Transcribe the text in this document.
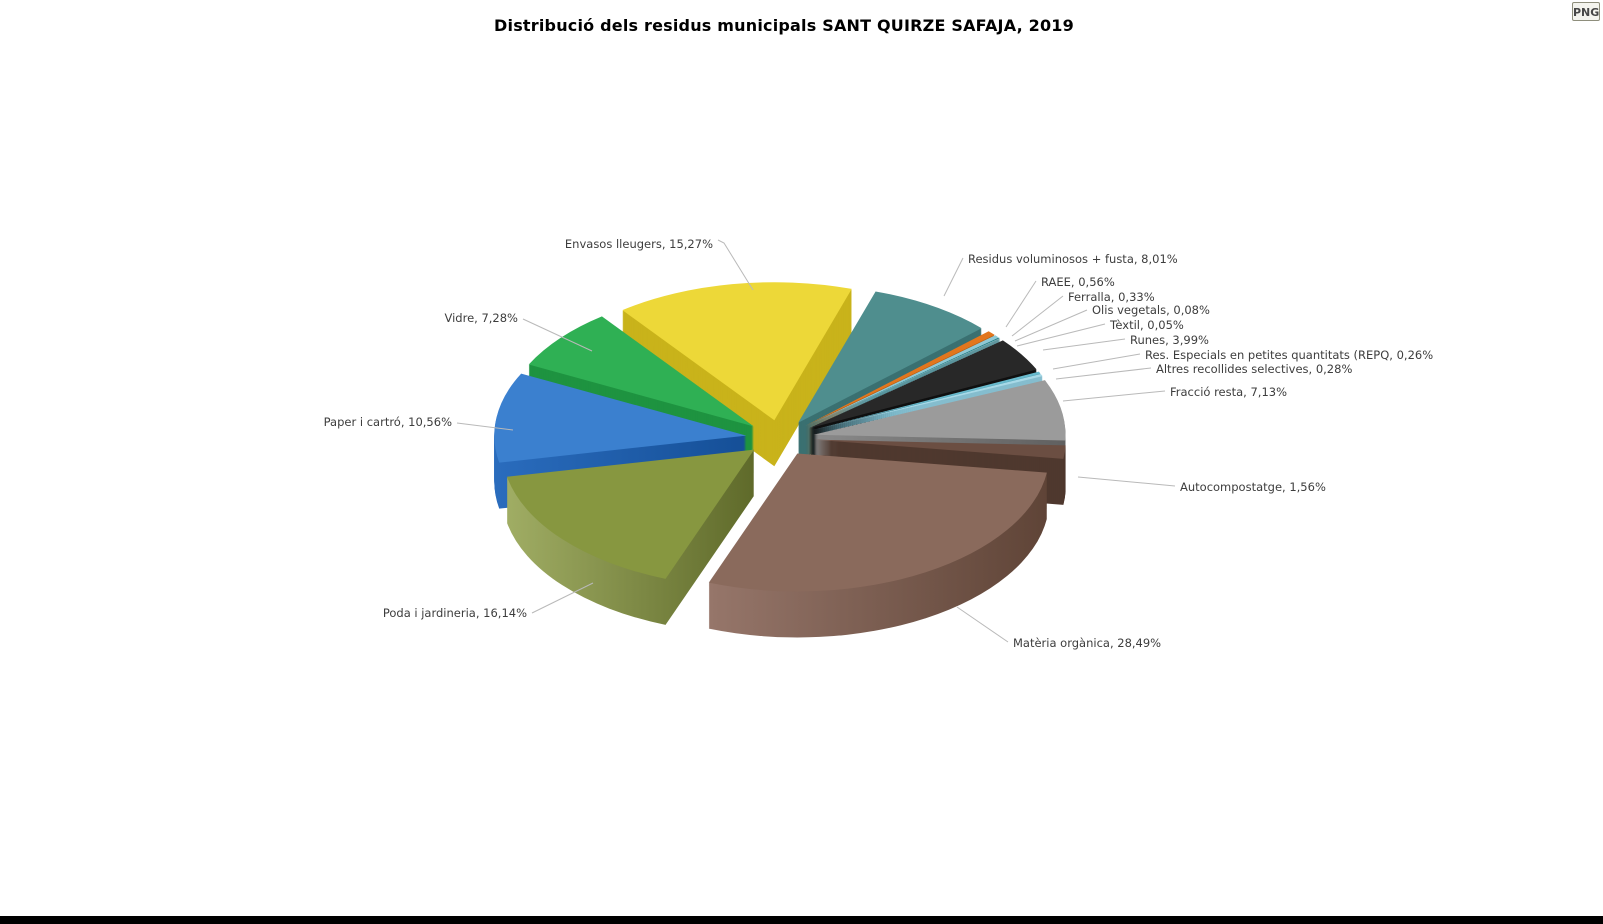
Distribució dels residus municipals SANT QUIRZE SAFAJA, 2019
PNG
Matèria orgànica, 28,49%
Poda i jardineria, 16,14%
Paper i cartró, 10,56%
Vidre, 7,28%
Envasos lleugers, 15,27%
Residus voluminosos + fusta, 8,01%
RAEE, 0,56%
Ferralla, 0,33%
Olis vegetals, 0,08%
Tèxtil, 0,05%
Runes, 3,99%
Res. Especials en petites quantitats (REPQ, 0,26%
Altres recollides selectives, 0,28%
Fracció resta, 7,13%
Autocompostatge, 1,56%
